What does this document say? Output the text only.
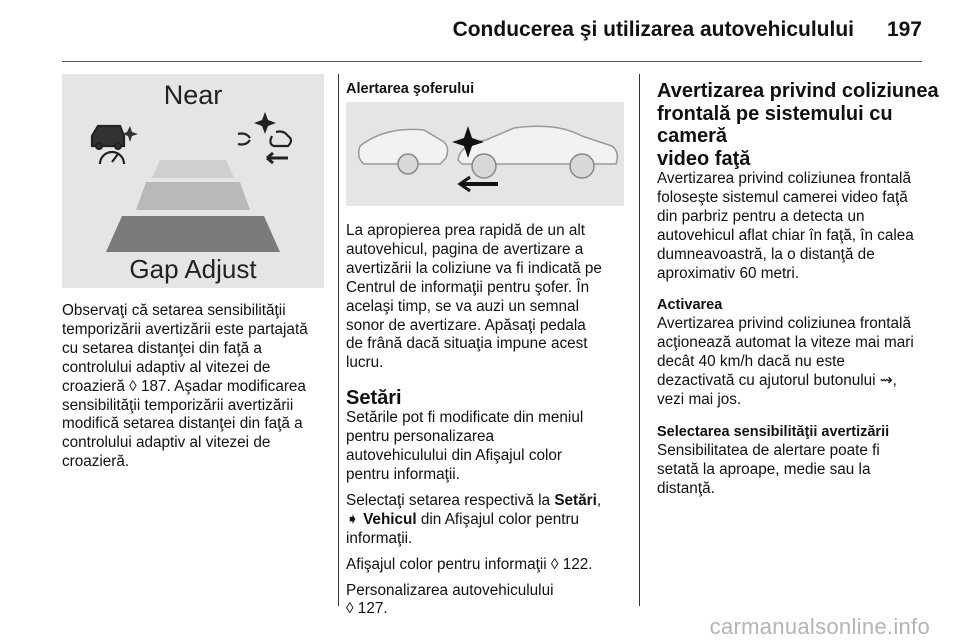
Conducerea şi utilizarea autovehiculului 197
Near
Gap Adjust

Observaţi că setarea sensibilităţii

temporizării avertizării este partajată

cu setarea distanţei din faţă a

controlului adaptiv al vitezei de

croazieră ◊ 187. Aşadar modificarea

sensibilităţii temporizării avertizării

modifică setarea distanţei din faţă a

controlului adaptiv al vitezei de

croazieră.

Alertarea şoferului

La apropierea prea rapidă de un alt

autovehicul, pagina de avertizare a

avertizării la coliziune va fi indicată pe

Centrul de informaţii pentru şofer. În

acelaşi timp, se va auzi un semnal

sonor de avertizare. Apăsaţi pedala

de frână dacă situaţia impune acest

lucru.

Setări

Setările pot fi modificate din meniul

pentru personalizarea

autovehiculului din Afişajul color

pentru informaţii.

Selectaţi setarea respectivă la Setări,

➧ Vehicul din Afişajul color pentru

informaţii.

Afişajul color pentru informaţii ◊ 122.

Personalizarea autovehiculului

◊ 127.

Avertizarea privind coliziunea

frontală pe sistemului cu cameră

video faţă

Avertizarea privind coliziunea frontală

foloseşte sistemul camerei video faţă

din parbriz pentru a detecta un

autovehicul aflat chiar în faţă, în calea

dumneavoastră, la o distanţă de

aproximativ 60 metri.

Activarea

Avertizarea privind coliziunea frontală

acţionează automat la viteze mai mari

decât 40 km/h dacă nu este

dezactivată cu ajutorul butonului ⇝,

vezi mai jos.

Selectarea sensibilităţii avertizării

Sensibilitatea de alertare poate fi

setată la aproape, medie sau la

distanţă.

carmanualsonline.info
